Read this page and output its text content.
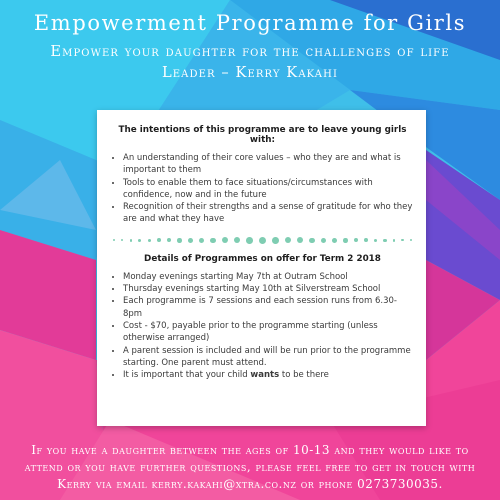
Empowerment Programme for Girls
Empower your daughter for the challenges of life
Leader – Kerry Kakahi
The intentions of this programme are to leave young girls with:
• An understanding of their core values – who they are and what is important to them
• Tools to enable them to face situations/circumstances with confidence, now and in the future
• Recognition of their strengths and a sense of gratitude for who they are and what they have
Details of Programmes on offer for Term 2 2018
• Monday evenings starting May 7th at Outram School
• Thursday evenings starting May 10th at Silverstream School
• Each programme is 7 sessions and each session runs from 6.30-8pm
• Cost - $70, payable prior to the programme starting (unless otherwise arranged)
• A parent session is included and will be run prior to the programme starting. One parent must attend.
• It is important that your child wants to be there
If you have a daughter between the ages of 10-13 and they would like to
attend or you have further questions, please feel free to get in touch with
Kerry via email kerry.kakahi@xtra.co.nz or phone 0273730035.
